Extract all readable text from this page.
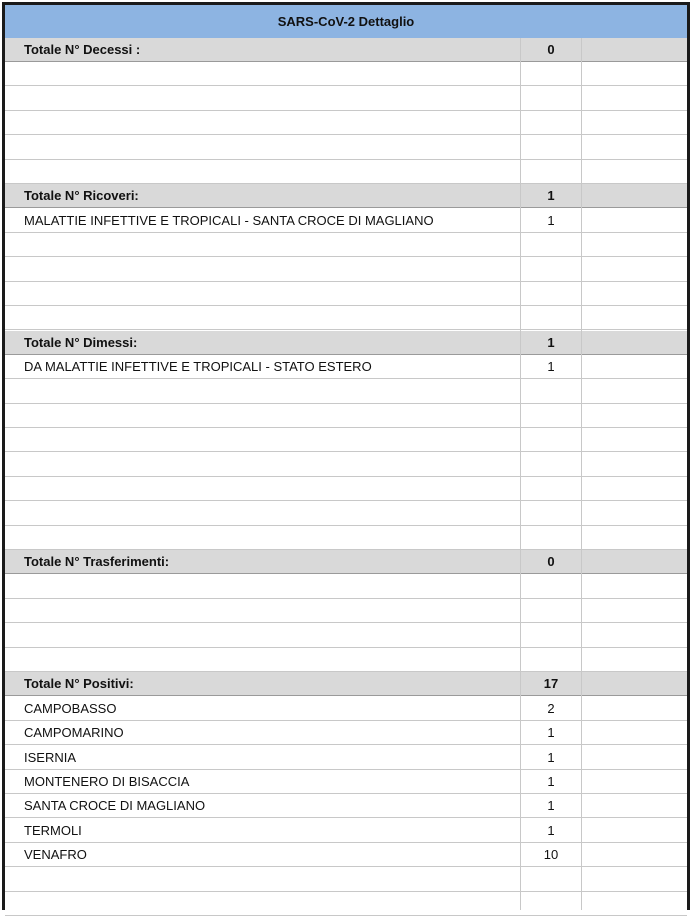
SARS-CoV-2 Dettaglio
Totale N° Decessi :	0
Totale N° Ricoveri:	1
MALATTIE INFETTIVE E TROPICALI - SANTA CROCE DI MAGLIANO	1
Totale N° Dimessi:	1
DA MALATTIE INFETTIVE E TROPICALI - STATO ESTERO	1
Totale N° Trasferimenti:	0
Totale N° Positivi:	17
CAMPOBASSO	2
CAMPOMARINO	1
ISERNIA	1
MONTENERO DI BISACCIA	1
SANTA CROCE DI MAGLIANO	1
TERMOLI	1
VENAFRO	10
